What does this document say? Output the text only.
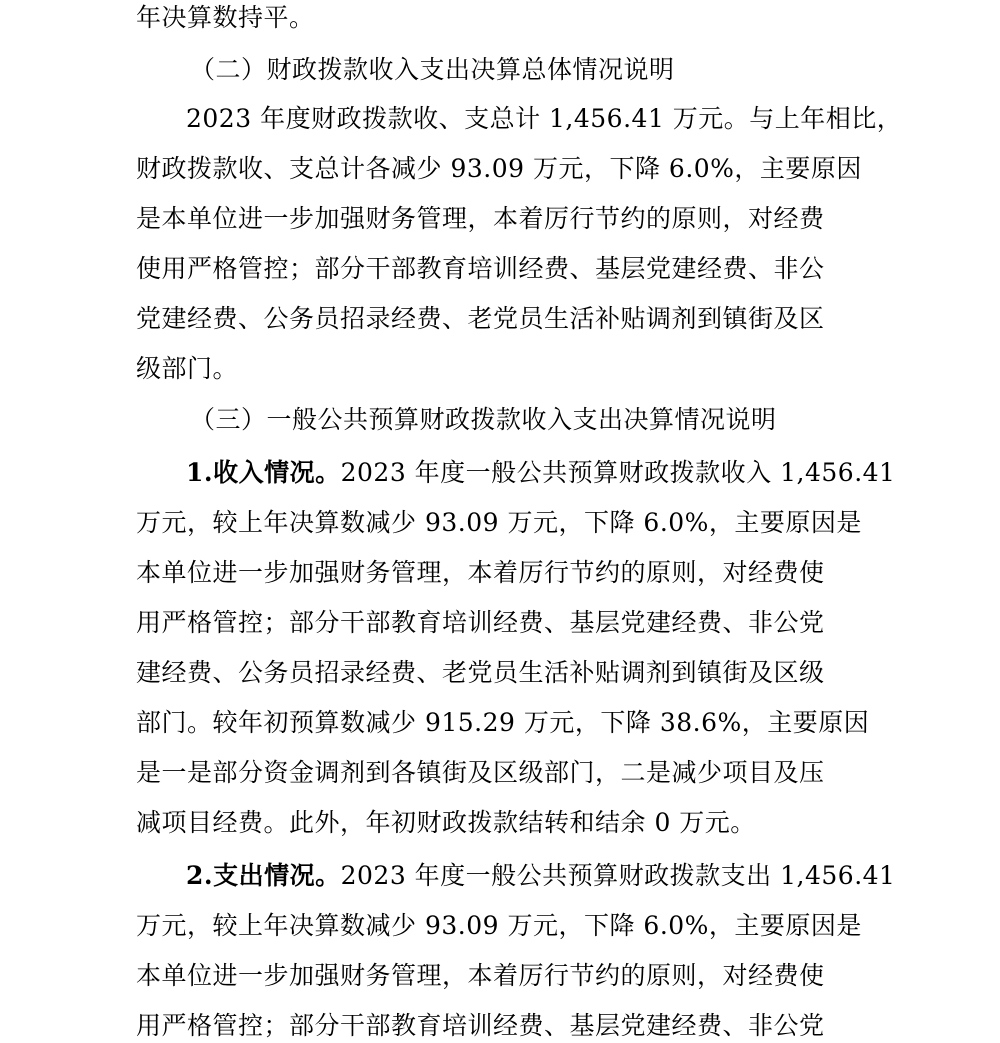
年决算数持平。
（二）财政拨款收入支出决算总体情况说明
2023 年度财政拨款收、支总计 1,456.41 万元。与上年相比，
财政拨款收、支总计各减少 93.09 万元，下降 6.0%，主要原因
是本单位进一步加强财务管理，本着厉行节约的原则，对经费
使用严格管控；部分干部教育培训经费、基层党建经费、非公
党建经费、公务员招录经费、老党员生活补贴调剂到镇街及区
级部门。
（三）一般公共预算财政拨款收入支出决算情况说明
1.收入情况。2023 年度一般公共预算财政拨款收入 1,456.41
万元，较上年决算数减少 93.09 万元，下降 6.0%，主要原因是
本单位进一步加强财务管理，本着厉行节约的原则，对经费使
用严格管控；部分干部教育培训经费、基层党建经费、非公党
建经费、公务员招录经费、老党员生活补贴调剂到镇街及区级
部门。较年初预算数减少 915.29 万元，下降 38.6%，主要原因
是一是部分资金调剂到各镇街及区级部门，二是减少项目及压
减项目经费。此外，年初财政拨款结转和结余 0 万元。
2.支出情况。2023 年度一般公共预算财政拨款支出 1,456.41
万元，较上年决算数减少 93.09 万元，下降 6.0%，主要原因是
本单位进一步加强财务管理，本着厉行节约的原则，对经费使
用严格管控；部分干部教育培训经费、基层党建经费、非公党
